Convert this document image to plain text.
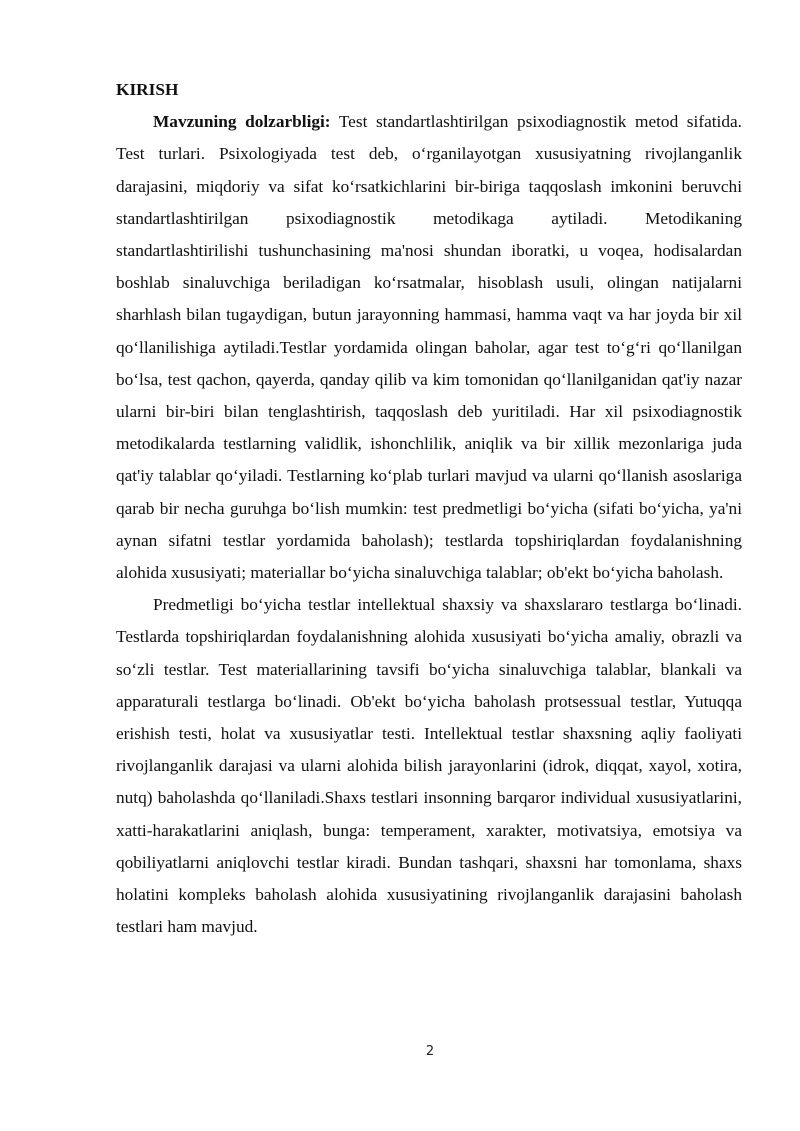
KIRISH

Mavzuning dolzarbligi: Test standartlashtirilgan psixodiagnostik metod sifatida. Test turlari. Psixologiyada test deb, o‘rganilayotgan xususiyatning rivojlanganlik darajasini, miqdoriy va sifat ko‘rsatkichlarini bir-biriga taqqoslash imkonini beruvchi standartlashtirilgan psixodiagnostik metodikaga aytiladi. Metodikaning standartlashtirilishi tushunchasining ma'nosi shundan iboratki, u voqea, hodisalardan boshlab sinaluvchiga beriladigan ko‘rsatmalar, hisoblash usuli, olingan natijalarni sharhlash bilan tugaydigan, butun jarayonning hammasi, hamma vaqt va har joyda bir xil qo‘llanilishiga aytiladi.Testlar yordamida olingan baholar, agar test to‘g‘ri qo‘llanilgan bo‘lsa, test qachon, qayerda, qanday qilib va kim tomonidan qo‘llanilganidan qat'iy nazar ularni bir-biri bilan tenglashtirish, taqqoslash deb yuritiladi. Har xil psixodiagnostik metodikalarda testlarning validlik, ishonchlilik, aniqlik va bir xillik mezonlariga juda qat'iy talablar qo‘yiladi. Testlarning ko‘plab turlari mavjud va ularni qo‘llanish asoslariga qarab bir necha guruhga bo‘lish mumkin: test predmetligi bo‘yicha (sifati bo‘yicha, ya'ni aynan sifatni testlar yordamida baholash); testlarda topshiriqlardan foydalanishning alohida xususiyati; materiallar bo‘yicha sinaluvchiga talablar; ob'ekt bo‘yicha baholash.

Predmetligi bo‘yicha testlar intellektual shaxsiy va shaxslararo testlarga bo‘linadi. Testlarda topshiriqlardan foydalanishning alohida xususiyati bo‘yicha amaliy, obrazli va so‘zli testlar. Test materiallarining tavsifi bo‘yicha sinaluvchiga talablar, blankali va apparaturali testlarga bo‘linadi. Ob'ekt bo‘yicha baholash protsessual testlar, Yutuqqa erishish testi, holat va xususiyatlar testi. Intellektual testlar shaxsning aqliy faoliyati rivojlanganlik darajasi va ularni alohida bilish jarayonlarini (idrok, diqqat, xayol, xotira, nutq) baholashda qo‘llaniladi.Shaxs testlari insonning barqaror individual xususiyatlarini, xatti-harakatlarini aniqlash, bunga: temperament, xarakter, motivatsiya, emotsiya va qobiliyatlarni aniqlovchi testlar kiradi. Bundan tashqari, shaxsni har tomonlama, shaxs holatini kompleks baholash alohida xususiyatining rivojlanganlik darajasini baholash testlari ham mavjud.

2
